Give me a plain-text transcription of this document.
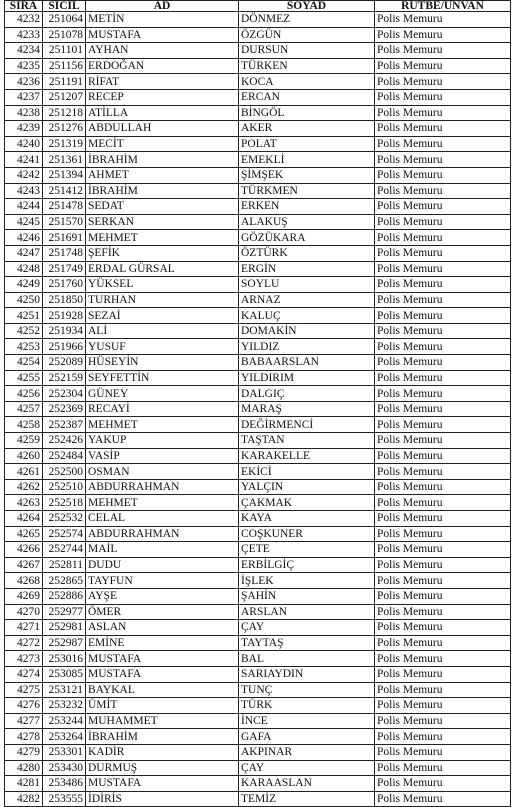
SIRA	SICIL	AD	SOYAD	RUTBE/UNVAN
4232	251064	METİN	DÖNMEZ	Polis Memuru
4233	251078	MUSTAFA	ÖZGÜN	Polis Memuru
4234	251101	AYHAN	DURSUN	Polis Memuru
4235	251156	ERDOĞAN	TÜRKEN	Polis Memuru
4236	251191	RİFAT	KOCA	Polis Memuru
4237	251207	RECEP	ERCAN	Polis Memuru
4238	251218	ATİLLA	BİNGÖL	Polis Memuru
4239	251276	ABDULLAH	AKER	Polis Memuru
4240	251319	MECİT	POLAT	Polis Memuru
4241	251361	İBRAHİM	EMEKLİ	Polis Memuru
4242	251394	AHMET	ŞİMŞEK	Polis Memuru
4243	251412	İBRAHİM	TÜRKMEN	Polis Memuru
4244	251478	SEDAT	ERKEN	Polis Memuru
4245	251570	SERKAN	ALAKUŞ	Polis Memuru
4246	251691	MEHMET	GÖZÜKARA	Polis Memuru
4247	251748	ŞEFİK	ÖZTÜRK	Polis Memuru
4248	251749	ERDAL GÜRSAL	ERGİN	Polis Memuru
4249	251760	YÜKSEL	SOYLU	Polis Memuru
4250	251850	TURHAN	ARNAZ	Polis Memuru
4251	251928	SEZAİ	KALUÇ	Polis Memuru
4252	251934	ALİ	DOMAKİN	Polis Memuru
4253	251966	YUSUF	YILDIZ	Polis Memuru
4254	252089	HÜSEYİN	BABAARSLAN	Polis Memuru
4255	252159	SEYFETTİN	YILDIRIM	Polis Memuru
4256	252304	GÜNEY	DALGIÇ	Polis Memuru
4257	252369	RECAYİ	MARAŞ	Polis Memuru
4258	252387	MEHMET	DEĞİRMENCİ	Polis Memuru
4259	252426	YAKUP	TAŞTAN	Polis Memuru
4260	252484	VASİP	KARAKELLE	Polis Memuru
4261	252500	OSMAN	EKİCİ	Polis Memuru
4262	252510	ABDURRAHMAN	YALÇIN	Polis Memuru
4263	252518	MEHMET	ÇAKMAK	Polis Memuru
4264	252532	CELAL	KAYA	Polis Memuru
4265	252574	ABDURRAHMAN	COŞKUNER	Polis Memuru
4266	252744	MAİL	ÇETE	Polis Memuru
4267	252811	DUDU	ERBİLGİÇ	Polis Memuru
4268	252865	TAYFUN	İŞLEK	Polis Memuru
4269	252886	AYŞE	ŞAHİN	Polis Memuru
4270	252977	ÖMER	ARSLAN	Polis Memuru
4271	252981	ASLAN	ÇAY	Polis Memuru
4272	252987	EMİNE	TAYTAŞ	Polis Memuru
4273	253016	MUSTAFA	BAL	Polis Memuru
4274	253085	MUSTAFA	SARIAYDIN	Polis Memuru
4275	253121	BAYKAL	TUNÇ	Polis Memuru
4276	253232	ÜMİT	TÜRK	Polis Memuru
4277	253244	MUHAMMET	İNCE	Polis Memuru
4278	253264	İBRAHİM	GAFA	Polis Memuru
4279	253301	KADİR	AKPINAR	Polis Memuru
4280	253430	DURMUŞ	ÇAY	Polis Memuru
4281	253486	MUSTAFA	KARAASLAN	Polis Memuru
4282	253555	İDİRİS	TEMİZ	Polis Memuru
